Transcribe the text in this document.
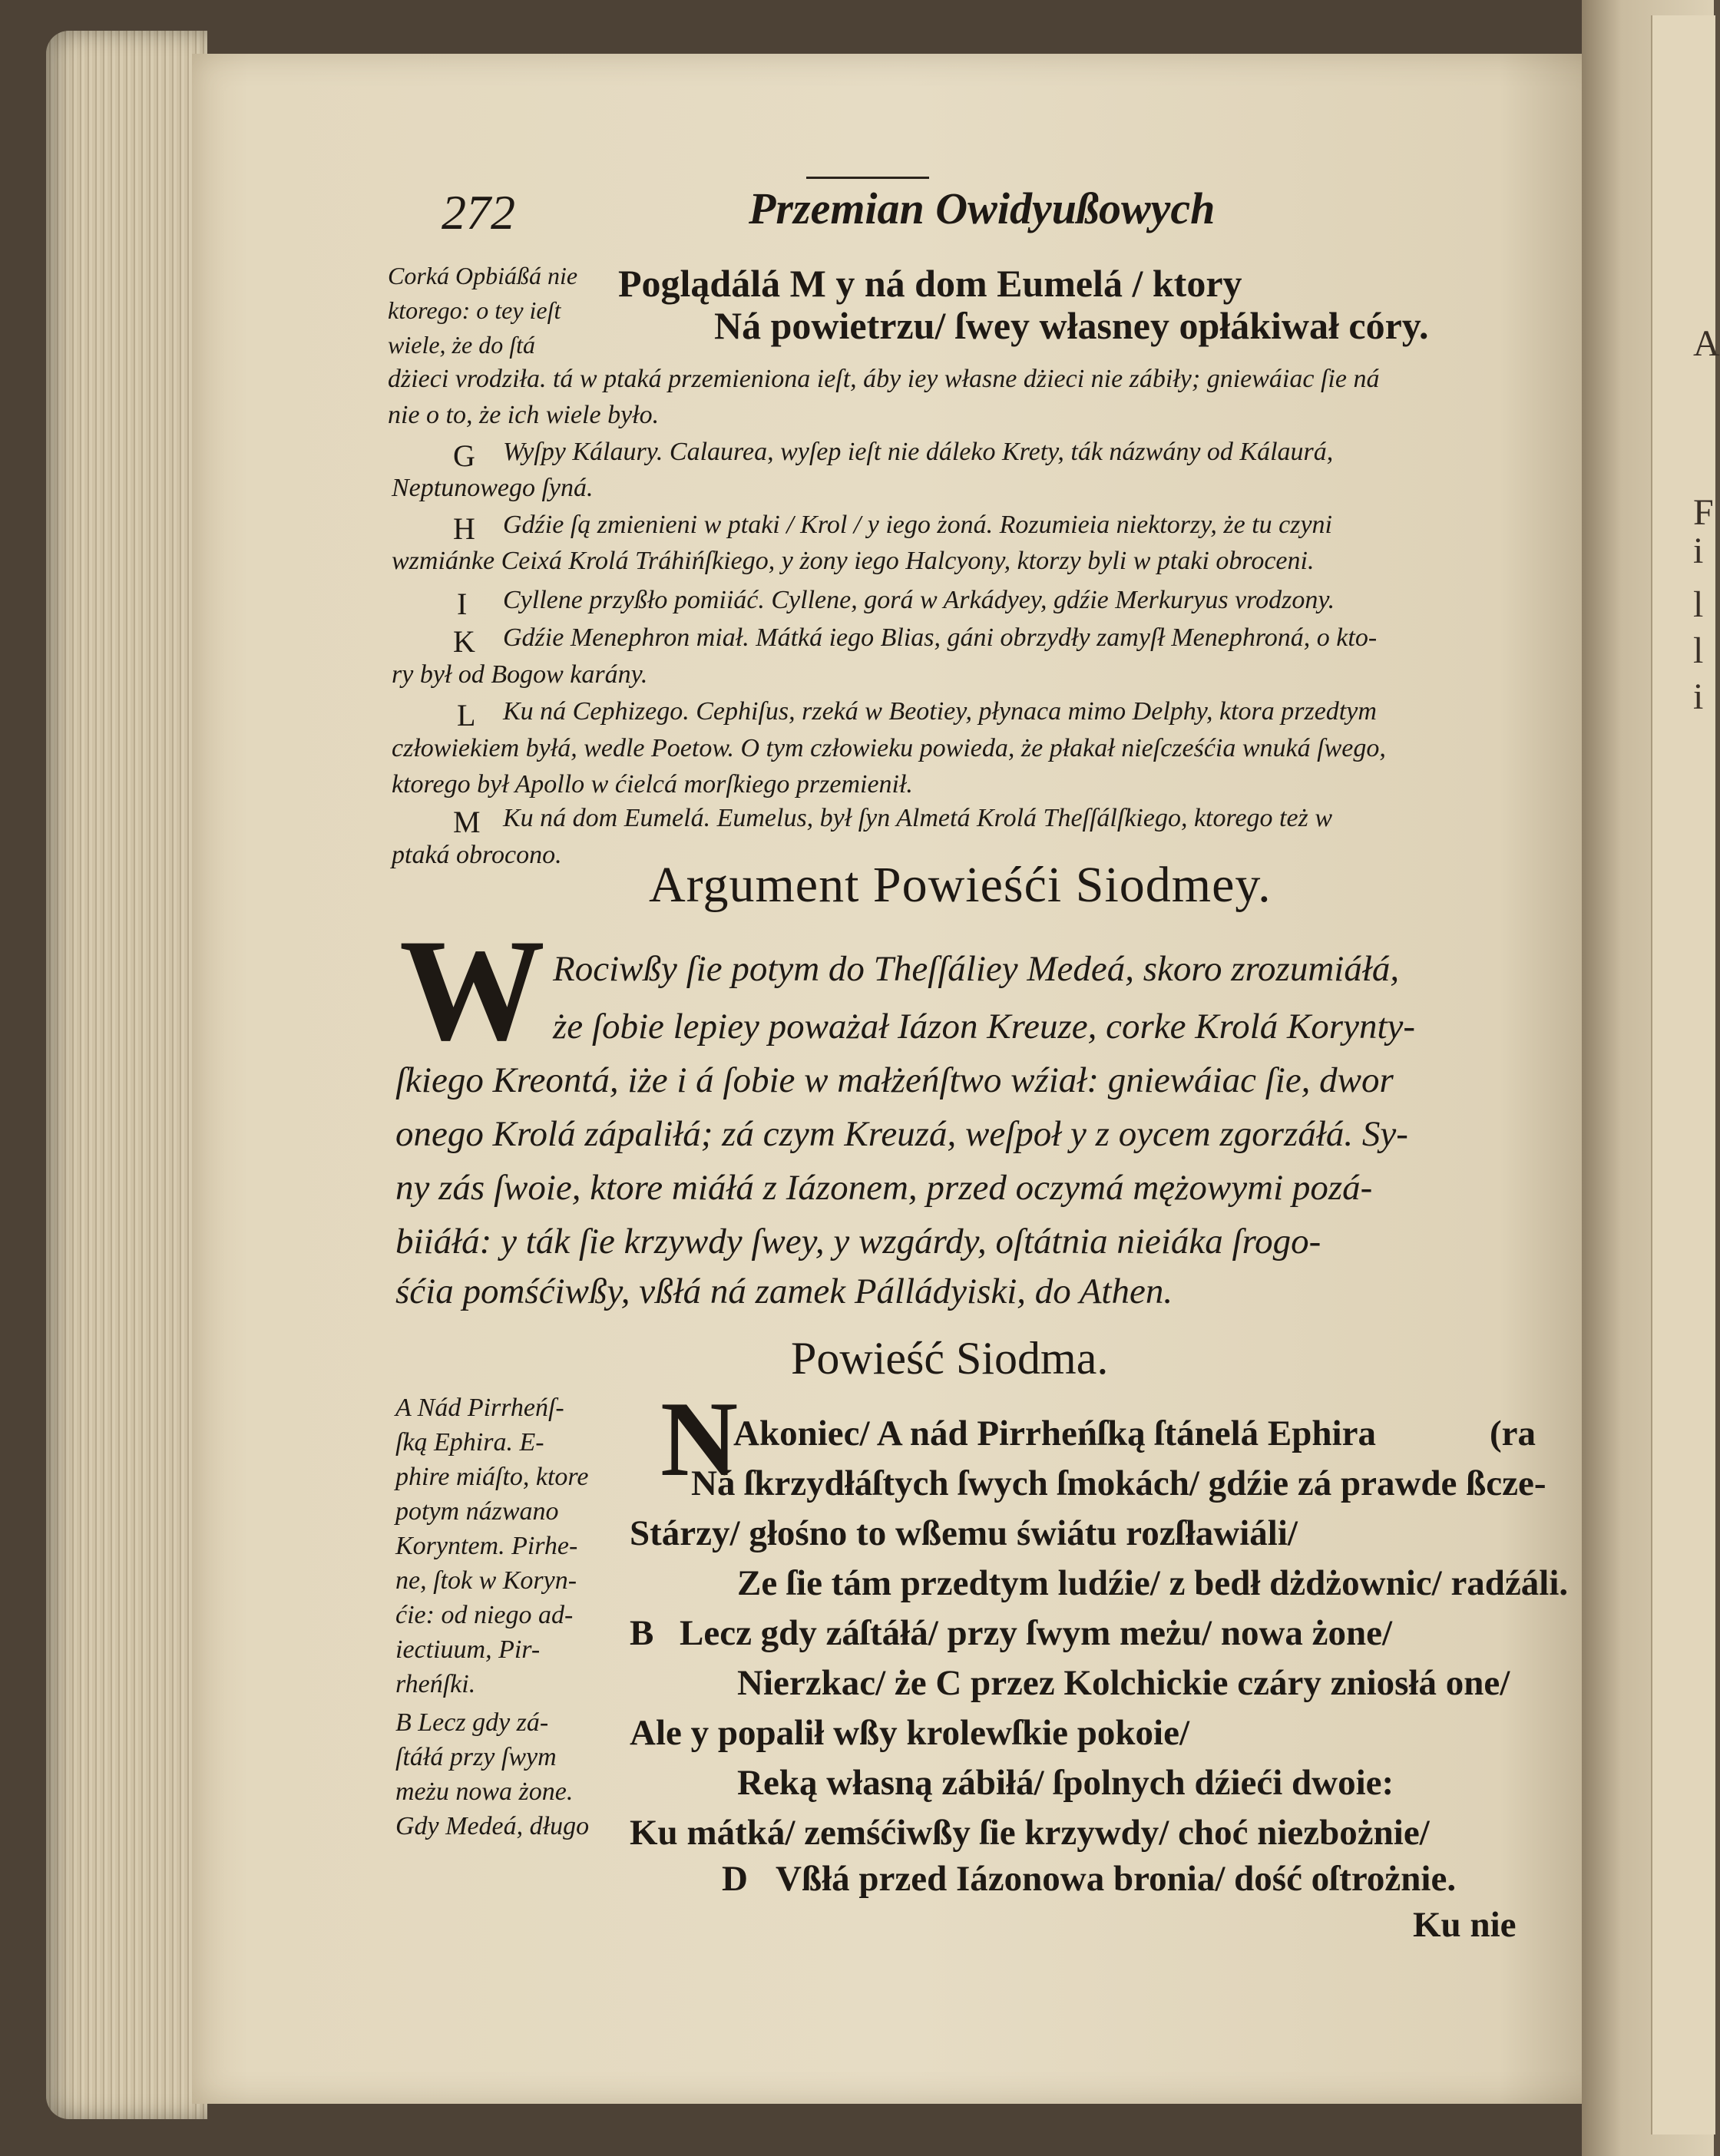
A
F
i
l
l
i
272	Przemian Owidyußowych
Corká Opbiáßá nie
ktorego: o tey ieſt
wiele, że do ſtá
Poglądálá M y ná dom Eumelá / ktory
Ná powietrzu/ ſwey własney opłákiwał córy.
dżieci vrodziła. tá w ptaká przemieniona ieſt, áby iey własne dżieci nie zábiły; gniewáiac ſie ná
nie o to, że ich wiele było.
G Wyſpy Kálaury. Calaurea, wyſep ieſt nie dáleko Krety, ták názwány od Kálaurá,
Neptunowego ſyná.
H Gdźie ſą zmienieni w ptaki / Krol / y iego żoná. Rozumieia niektorzy, że tu czyni
wzmiánke Ceixá Krolá Tráhińſkiego, y żony iego Halcyony, ktorzy byli w ptaki obroceni.
I Cyllene przyßło pomiiáć. Cyllene, gorá w Arkádyey, gdźie Merkuryus vrodzony.
K Gdźie Menephron miał. Mátká iego Blias, gáni obrzydły zamyſł Menephroná, o kto-
ry był od Bogow karány.
L Ku ná Cephizego. Cephiſus, rzeká w Beotiey, płynaca mimo Delphy, ktora przedtym
człowiekiem byłá, wedle Poetow. O tym człowieku powieda, że płakał nieſcześćia wnuká ſwego,
ktorego był Apollo w ćielcá morſkiego przemienił.
M Ku ná dom Eumelá. Eumelus, był ſyn Almetá Krolá Theſſálſkiego, ktorego też w
ptaká obrocono.
Argument Powieśći Siodmey.
W Rociwßy ſie potym do Theſſáliey Medeá, skoro zrozumiáłá,
że ſobie lepiey poważał Iázon Kreuze, corke Krolá Korynty-
ſkiego Kreontá, iże i á ſobie w małżeńſtwo wźiał: gniewáiac ſie, dwor
onego Krolá zápaliłá; zá czym Kreuzá, weſpoł y z oycem zgorzáłá. Sy-
ny zás ſwoie, ktore miáłá z Iázonem, przed oczymá mężowymi pozá-
biiáłá: y ták ſie krzywdy ſwey, y wzgárdy, oſtátnia nieiáka ſrogo-
śćia pomśćiwßy, vßłá ná zamek Pálládyiski, do Athen.
Powieść Siodma.
A Nád Pirrheńſ-
ſką Ephira. E-
phire miáſto, ktore
potym názwano
Koryntem. Pirhe-
ne, ſtok w Koryn-
ćie: od niego ad-
iectiuum, Pir-
rheńſki.
B Lecz gdy zá-
ſtáłá przy ſwym
meżu nowa żone.
Gdy Medeá, długo
N
Akoniec/ A nád Pirrheńſką ſtánelá Ephira	(ra
Ná ſkrzydłáſtych ſwych ſmokách/ gdźie zá prawde ßcze-
Stárzy/ głośno to wßemu świátu rozſławiáli/
Ze ſie tám przedtym ludźie/ z bedł dżdżownic/ radźáli.
B Lecz gdy záſtáłá/ przy ſwym meżu/ nowa żone/
Nierzkac/ że C przez Kolchickie czáry zniosłá one/
Ale y popalił wßy krolewſkie pokoie/
Reką własną zábiłá/ ſpolnych dźieći dwoie:
Ku mátká/ zemśćiwßy ſie krzywdy/ choć niezbożnie/
D Vßłá przed Iázonowa bronia/ dość oſtrożnie.
Ku nie
